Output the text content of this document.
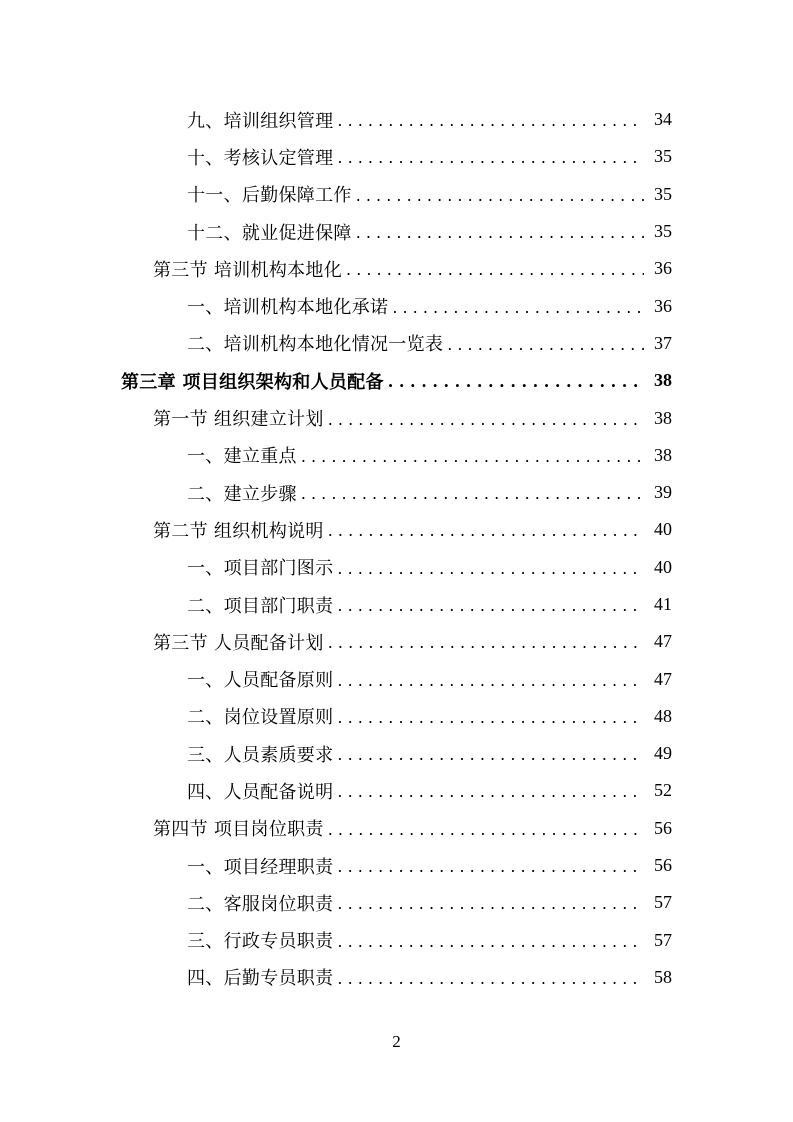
九、培训组织管理 . . .	34
十、考核认定管理 . . .	35
十一、后勤保障工作 . . .	35
十二、就业促进保障 . . .	35
第三节 培训机构本地化 . . .	36
一、培训机构本地化承诺 . . .	36
二、培训机构本地化情况一览表 . . .	37
第三章 项目组织架构和人员配备 . . .	38
第一节 组织建立计划 . . .	38
一、建立重点 . . .	38
二、建立步骤 . . .	39
第二节 组织机构说明 . . .	40
一、项目部门图示 . . .	40
二、项目部门职责 . . .	41
第三节 人员配备计划 . . .	47
一、人员配备原则 . . .	47
二、岗位设置原则 . . .	48
三、人员素质要求 . . .	49
四、人员配备说明 . . .	52
第四节 项目岗位职责 . . .	56
一、项目经理职责 . . .	56
二、客服岗位职责 . . .	57
三、行政专员职责 . . .	57
四、后勤专员职责 . . .	58
2
